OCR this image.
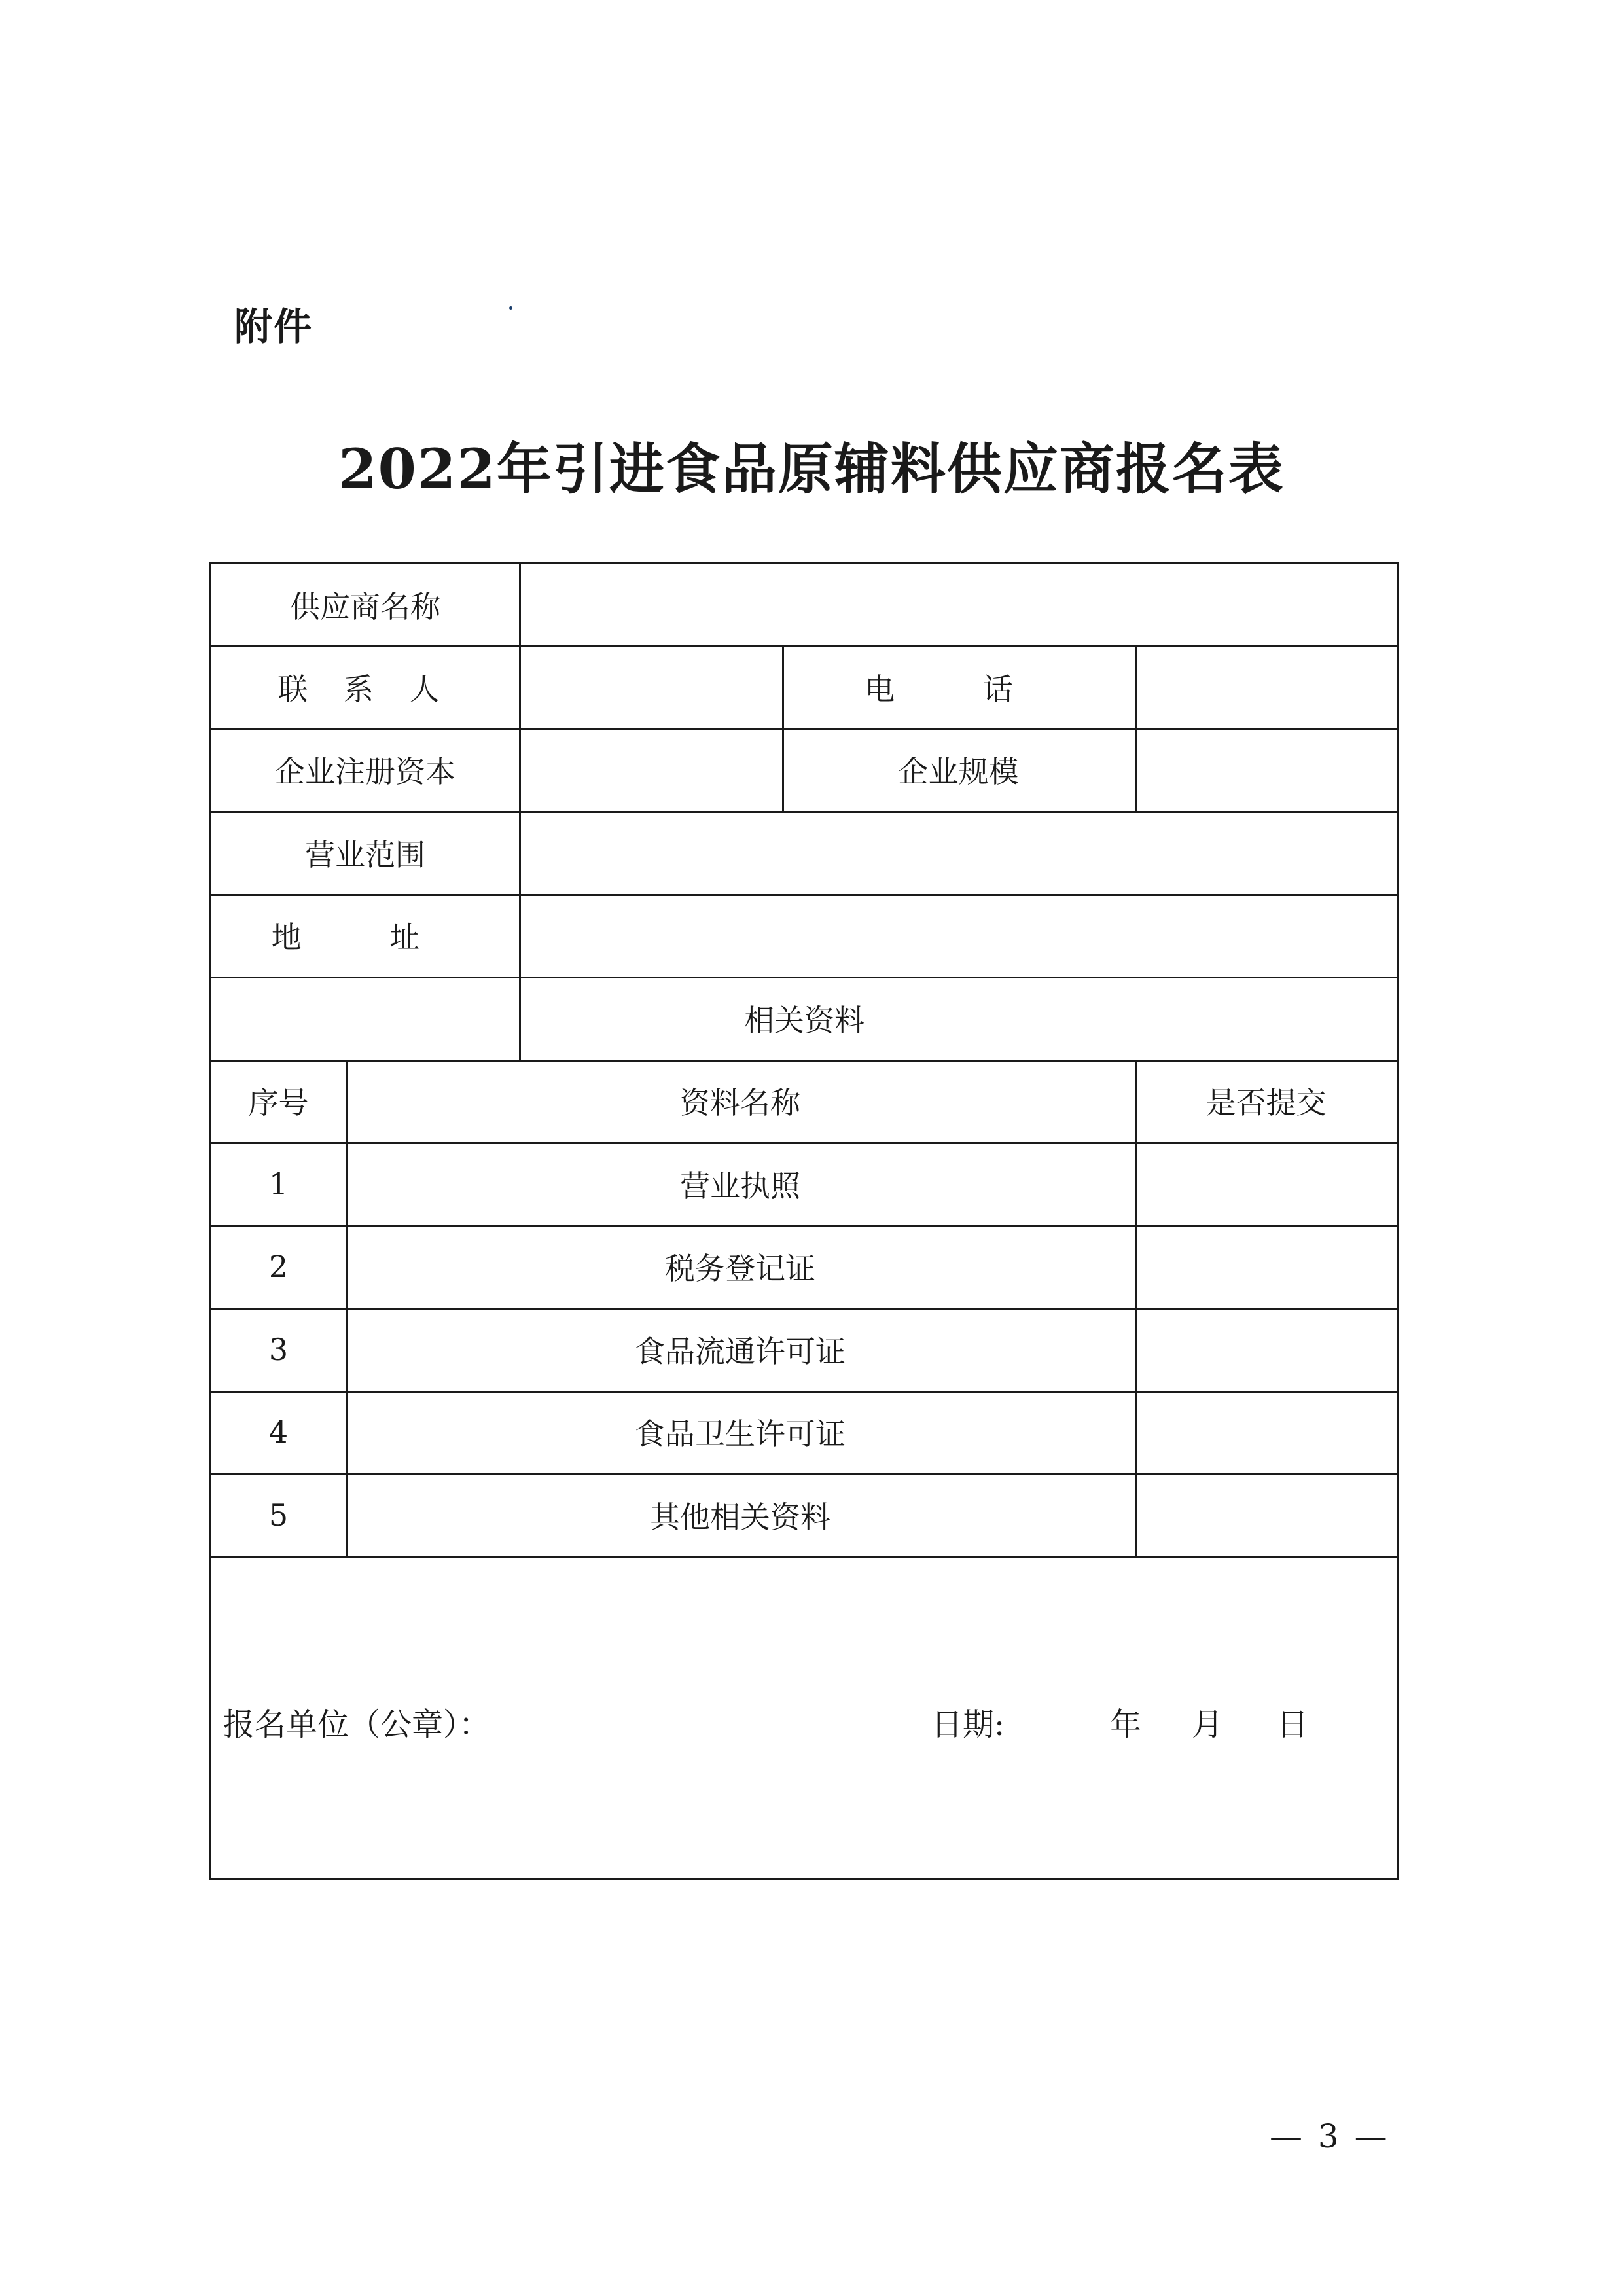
附件
2022年引进食品原辅料供应商报名表
供应商名称
联 系 人	电 话
企业注册资本	企业规模
营业范围
地 址
相关资料
序号	资料名称	是否提交
1	营业执照
2	税务登记证
3	食品流通许可证
4	食品卫生许可证
5	其他相关资料
报名单位（公章）：	日期:	年 月 日
— 3 —
